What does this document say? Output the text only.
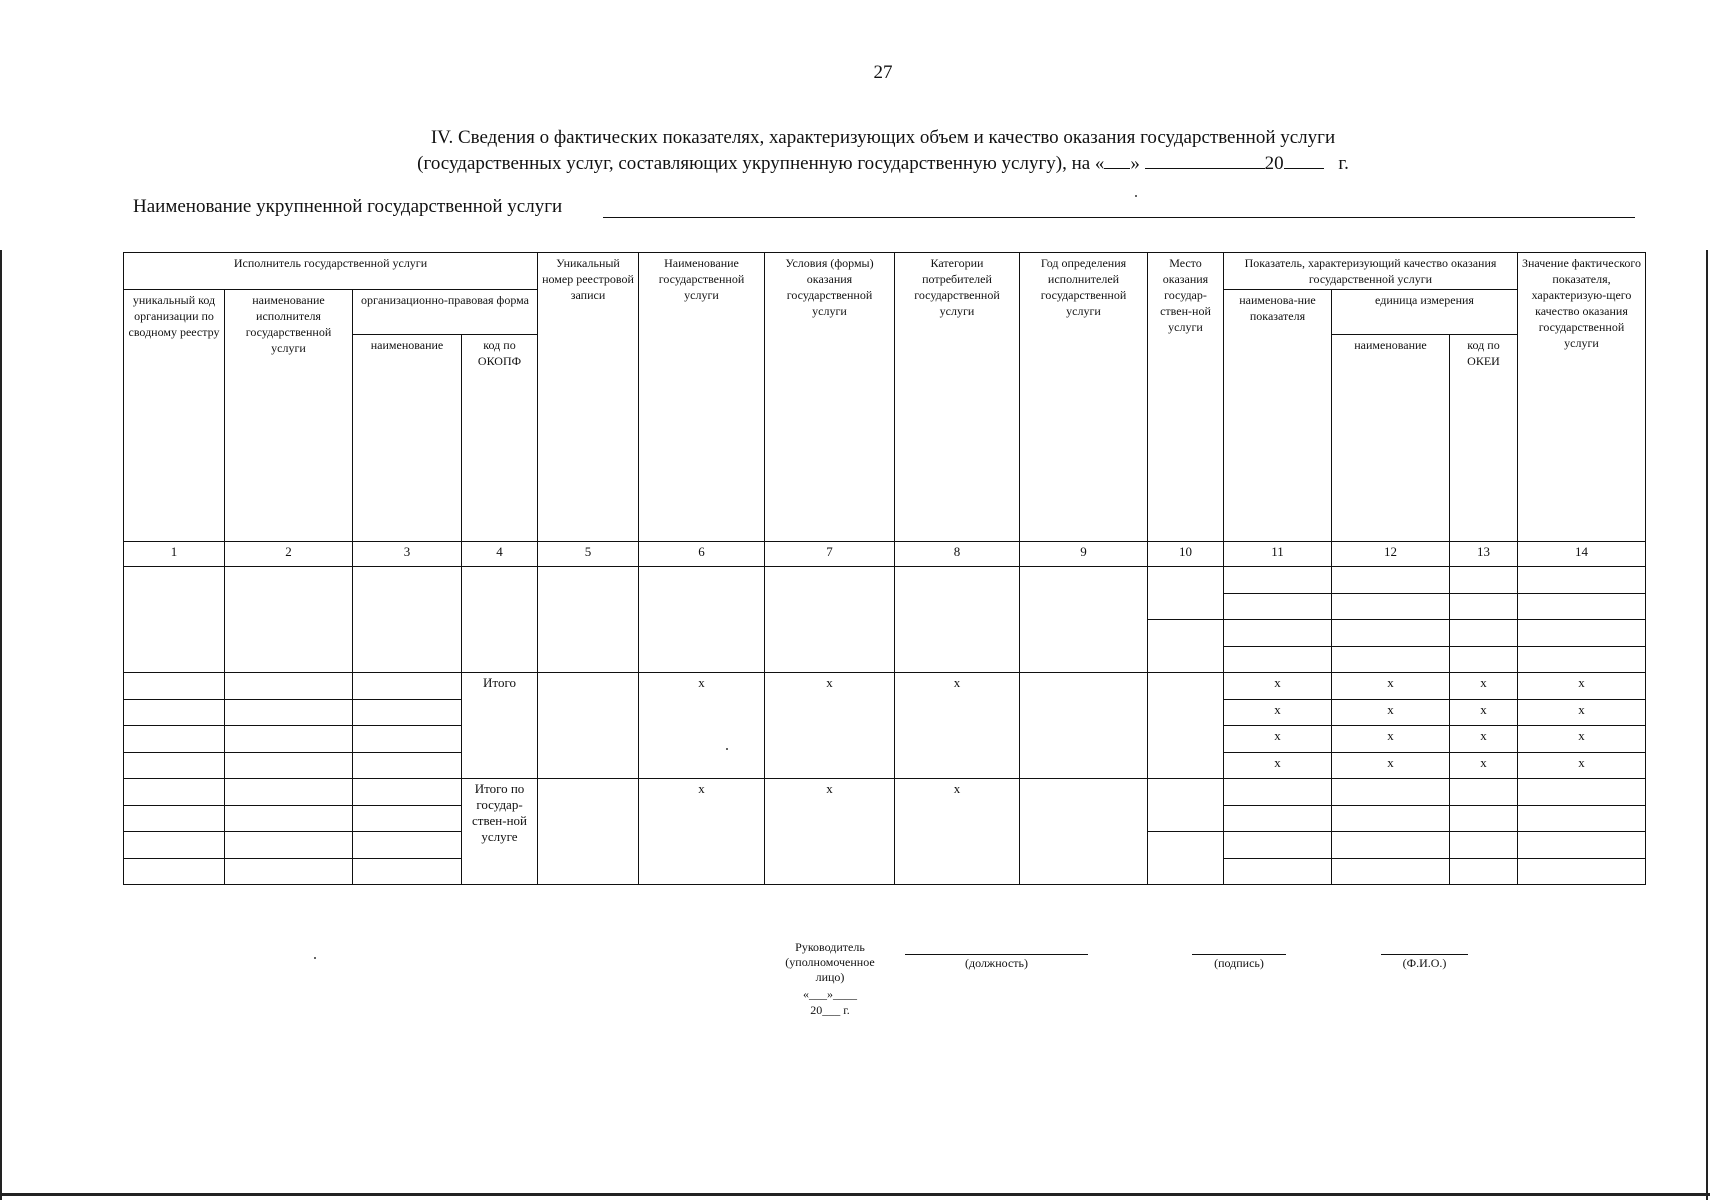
27
IV. Сведения о фактических показателях, характеризующих объем и качество оказания государственной услуги
(государственных услуг, составляющих укрупненную государственную услугу), на « »	20	г.
Наименование укрупненной государственной услуги
Исполнитель государственной услуги				Уникальный номер реестровой записи	Наименование государственной услуги	Условия (формы) оказания государственной услуги	Категории потребителей государственной услуги	Год определения исполнителей государственной услуги	Место оказания государ-ствен-ной услуги	Показатель, характеризующий качество оказания государственной услуги			Значение фактического показателя, характеризую-щего качество оказания государственной услуги
уникальный код организации по сводному реестру	наименование исполнителя государственной услуги	организационно-правовая форма								наименова-ние показателя	единица измерения		
		наименование	код по ОКОПФ								наименование	код по ОКЕИ	
1	2	3	4	5	6	7	8	9	10	11	12	13	14

			Итого		x	x	x			x	x	x	x
										x	x	x	x
										x	x	x	x
										x	x	x	x
			Итого по государ-ствен-ной услуге		x	x	x						

Руководитель (уполномоченное лицо)
«___»____
20___ г.
(должность)	(подпись)	(Ф.И.О.)
